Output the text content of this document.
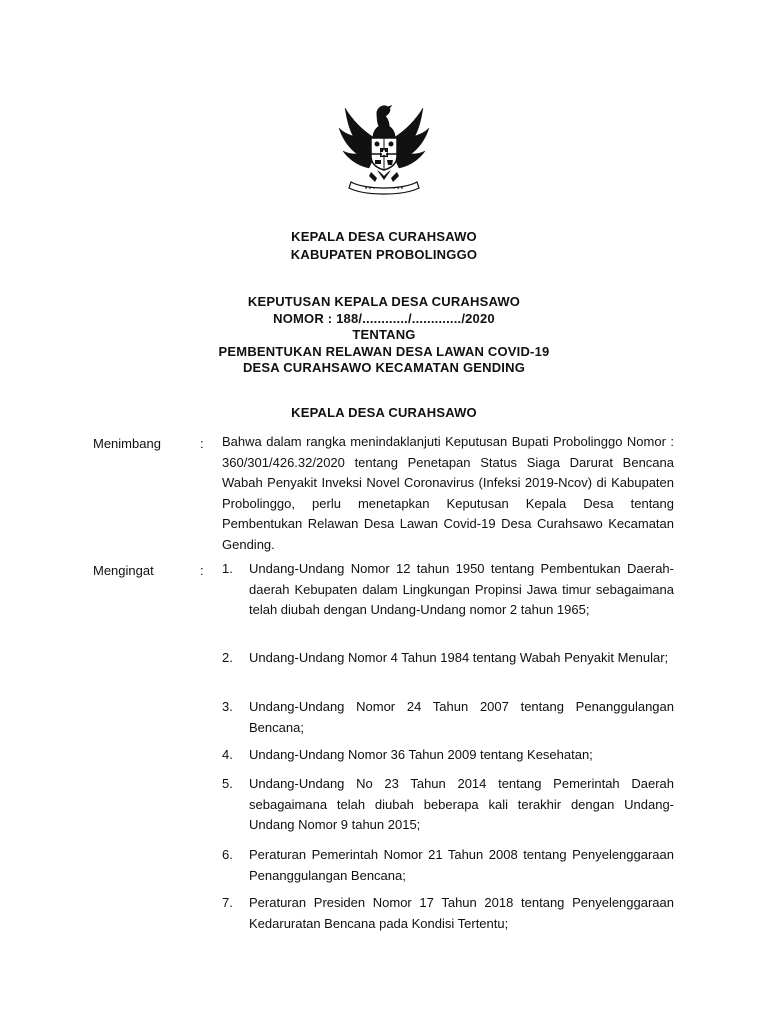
KEPALA DESA CURAHSAWO
KABUPATEN PROBOLINGGO
KEPUTUSAN KEPALA DESA CURAHSAWO
NOMOR : 188/............/............./2020
TENTANG
PEMBENTUKAN RELAWAN DESA LAWAN COVID-19
DESA CURAHSAWO KECAMATAN GENDING
KEPALA DESA CURAHSAWO
Menimbang	: Bahwa dalam rangka menindaklanjuti Keputusan Bupati Probolinggo Nomor : 360/301/426.32/2020 tentang Penetapan Status Siaga Darurat Bencana Wabah Penyakit Inveksi Novel Coronavirus (Infeksi 2019-Ncov) di Kabupaten Probolinggo, perlu menetapkan Keputusan Kepala Desa tentang Pembentukan Relawan Desa Lawan Covid-19 Desa Curahsawo Kecamatan Gending.
Mengingat	: 1. Undang-Undang Nomor 12 tahun 1950 tentang Pembentukan Daerah-daerah Kebupaten dalam Lingkungan Propinsi Jawa timur sebagaimana telah diubah dengan Undang-Undang nomor 2 tahun 1965;
2. Undang-Undang Nomor 4 Tahun 1984 tentang Wabah Penyakit Menular;
3. Undang-Undang Nomor 24 Tahun 2007 tentang Penanggulangan Bencana;
4. Undang-Undang Nomor 36 Tahun 2009 tentang Kesehatan;
5. Undang-Undang No 23 Tahun 2014 tentang Pemerintah Daerah sebagaimana telah diubah beberapa kali terakhir dengan Undang-Undang Nomor 9 tahun 2015;
6. Peraturan Pemerintah Nomor 21 Tahun 2008 tentang Penyelenggaraan Penanggulangan Bencana;
7. Peraturan Presiden Nomor 17 Tahun 2018 tentang Penyelenggaraan Kedaruratan Bencana pada Kondisi Tertentu;
